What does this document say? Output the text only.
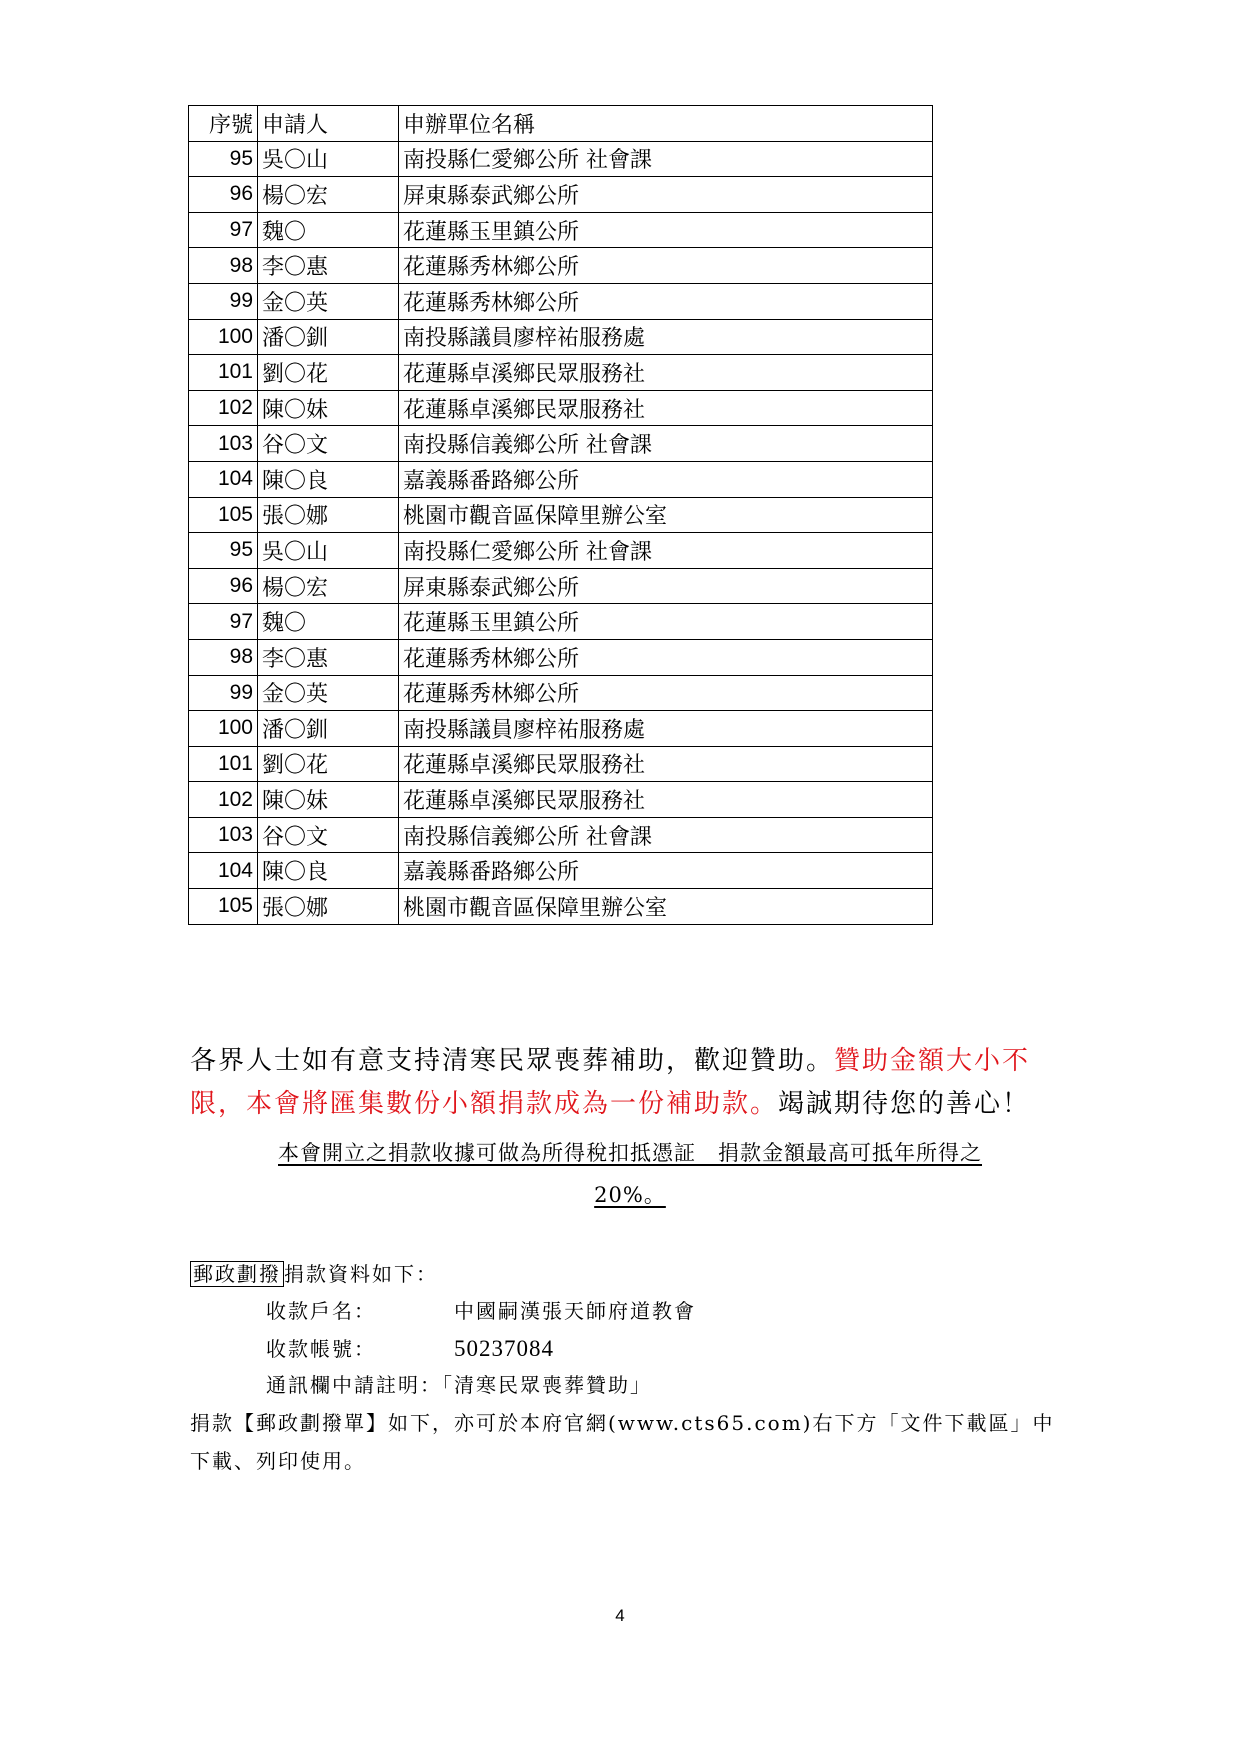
序號	申請人	申辦單位名稱
95	吳〇山	南投縣仁愛鄉公所 社會課
96	楊〇宏	屏東縣泰武鄉公所
97	魏〇	花蓮縣玉里鎮公所
98	李〇惠	花蓮縣秀林鄉公所
99	金〇英	花蓮縣秀林鄉公所
100	潘〇釧	南投縣議員廖梓祐服務處
101	劉〇花	花蓮縣卓溪鄉民眾服務社
102	陳〇妹	花蓮縣卓溪鄉民眾服務社
103	谷〇文	南投縣信義鄉公所 社會課
104	陳〇良	嘉義縣番路鄉公所
105	張〇娜	桃園市觀音區保障里辦公室
95	吳〇山	南投縣仁愛鄉公所 社會課
96	楊〇宏	屏東縣泰武鄉公所
97	魏〇	花蓮縣玉里鎮公所
98	李〇惠	花蓮縣秀林鄉公所
99	金〇英	花蓮縣秀林鄉公所
100	潘〇釧	南投縣議員廖梓祐服務處
101	劉〇花	花蓮縣卓溪鄉民眾服務社
102	陳〇妹	花蓮縣卓溪鄉民眾服務社
103	谷〇文	南投縣信義鄉公所 社會課
104	陳〇良	嘉義縣番路鄉公所
105	張〇娜	桃園市觀音區保障里辦公室

各界人士如有意支持清寒民眾喪葬補助，歡迎贊助。贊助金額大小不限，本會將匯集數份小額捐款成為一份補助款。竭誠期待您的善心！

本會開立之捐款收據可做為所得稅扣抵憑証　捐款金額最高可抵年所得之
20%。

郵政劃撥 捐款資料如下：
收款戶名：	中國嗣漢張天師府道教會
收款帳號：	50237084
通訊欄中請註明：「清寒民眾喪葬贊助」
捐款【郵政劃撥單】如下，亦可於本府官網(www.cts65.com)右下方「文件下載區」中下載、列印使用。
4
